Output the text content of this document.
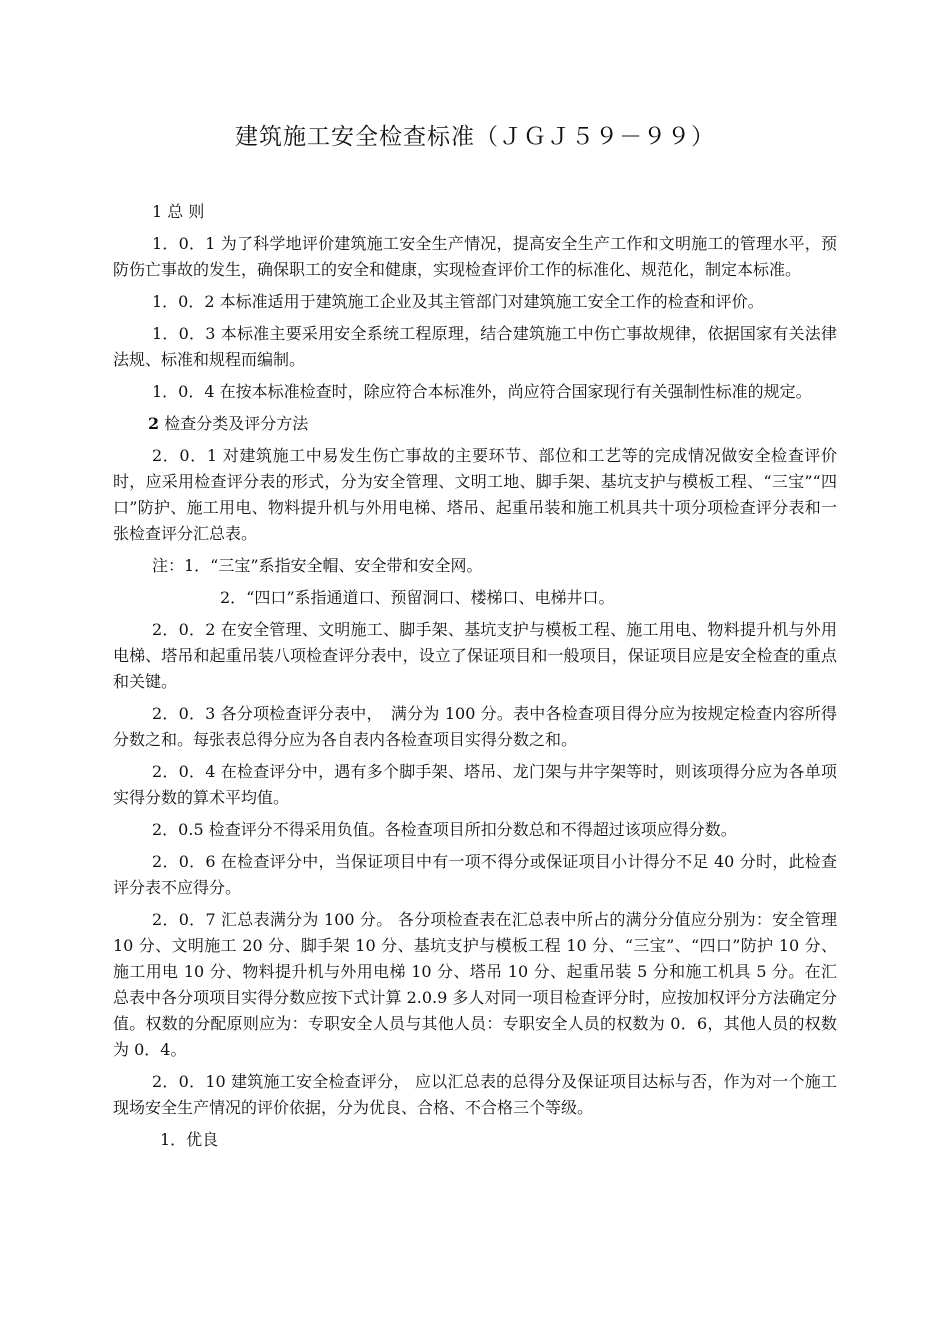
建筑施工安全检查标准（ＪＧＪ５９－９９）

1 总 则

1．0．1 为了科学地评价建筑施工安全生产情况，提高安全生产工作和文明施工的管理水平，预防伤亡事故的发生，确保职工的安全和健康，实现检查评价工作的标准化、规范化，制定本标准。

1．0．2 本标准适用于建筑施工企业及其主管部门对建筑施工安全工作的检查和评价。

1．0．3 本标准主要采用安全系统工程原理，结合建筑施工中伤亡事故规律，依据国家有关法律法规、标准和规程而编制。

1．0．4 在按本标准检查时，除应符合本标准外，尚应符合国家现行有关强制性标准的规定。

2 检查分类及评分方法

2．0．1 对建筑施工中易发生伤亡事故的主要环节、部位和工艺等的完成情况做安全检查评价时，应采用检查评分表的形式，分为安全管理、文明工地、脚手架、基坑支护与模板工程、“三宝”“四口”防护、施工用电、物料提升机与外用电梯、塔吊、起重吊装和施工机具共十项分项检查评分表和一张检查评分汇总表。

注：1．“三宝”系指安全帽、安全带和安全网。

2．“四口”系指通道口、预留洞口、楼梯口、电梯井口。

2．0．2 在安全管理、文明施工、脚手架、基坑支护与模板工程、施工用电、物料提升机与外用电梯、塔吊和起重吊装八项检查评分表中，设立了保证项目和一般项目，保证项目应是安全检查的重点和关键。

2．0．3 各分项检查评分表中，　满分为 100 分。表中各检查项目得分应为按规定检查内容所得分数之和。每张表总得分应为各自表内各检查项目实得分数之和。

2．0．4 在检查评分中，遇有多个脚手架、塔吊、龙门架与井字架等时，则该项得分应为各单项实得分数的算术平均值。

2．0.5 检查评分不得采用负值。各检查项目所扣分数总和不得超过该项应得分数。

2．0．6 在检查评分中，当保证项目中有一项不得分或保证项目小计得分不足 40 分时，此检查评分表不应得分。

2．0．7 汇总表满分为 100 分。 各分项检查表在汇总表中所占的满分分值应分别为：安全管理 10 分、文明施工 20 分、脚手架 10 分、基坑支护与模板工程 10 分、“三宝”、“四口”防护 10 分、施工用电 10 分、物料提升机与外用电梯 10 分、塔吊 10 分、起重吊装 5 分和施工机具 5 分。在汇总表中各分项项目实得分数应按下式计算 2.0.9 多人对同一项目检查评分时，应按加权评分方法确定分值。权数的分配原则应为：专职安全人员与其他人员：专职安全人员的权数为 0．6，其他人员的权数为 0．4。

2．0．10 建筑施工安全检查评分， 应以汇总表的总得分及保证项目达标与否，作为对一个施工现场安全生产情况的评价依据，分为优良、合格、不合格三个等级。

1．优良
